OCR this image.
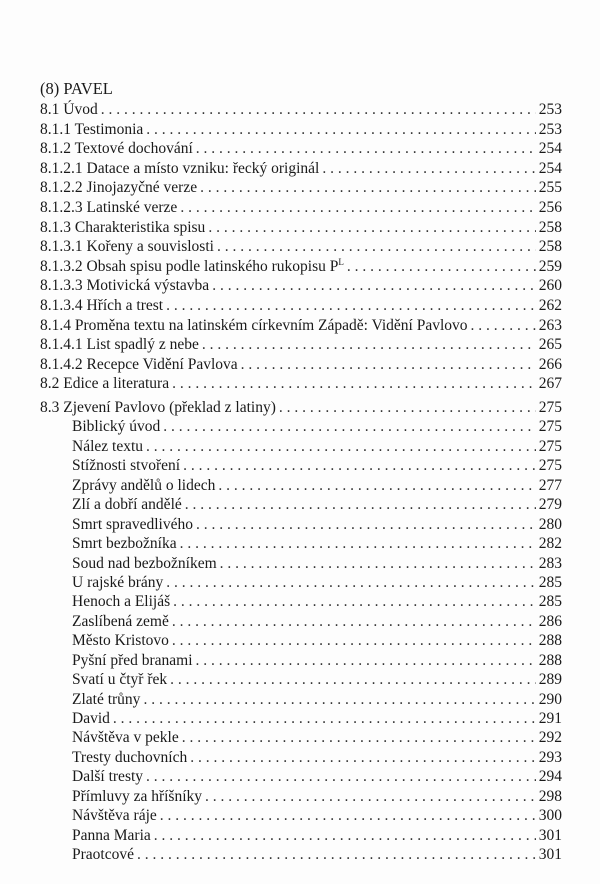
(8) PAVEL
8.1 Úvod . . .	253
8.1.1 Testimonia . . .	253
8.1.2 Textové dochování . . .	254
8.1.2.1 Datace a místo vzniku: řecký originál . . .	254
8.1.2.2 Jinojazyčné verze . . .	255
8.1.2.3 Latinské verze . . .	256
8.1.3 Charakteristika spisu . . .	258
8.1.3.1 Kořeny a souvislosti . . .	258
8.1.3.2 Obsah spisu podle latinského rukopisu $P^L$ . . .	259
8.1.3.3 Motivická výstavba . . .	260
8.1.3.4 Hřích a trest . . .	262
8.1.4 Proměna textu na latinském církevním Západě: Vidění Pavlovo . . .	263
8.1.4.1 List spadlý z nebe . . .	265
8.1.4.2 Recepce Vidění Pavlova . . .	266
8.2 Edice a literatura . . .	267
8.3 Zjevení Pavlovo (překlad z latiny) . . .	275
Biblický úvod . . .	275
Nález textu . . .	275
Stížnosti stvoření . . .	275
Zprávy andělů o lidech . . .	277
Zlí a dobří andělé . . .	279
Smrt spravedlivého . . .	280
Smrt bezbožníka . . .	282
Soud nad bezbožníkem . . .	283
U rajské brány . . .	285
Henoch a Elijáš . . .	285
Zaslíbená země . . .	286
Město Kristovo . . .	288
Pyšní před branami . . .	288
Svatí u čtyř řek . . .	289
Zlaté trůny . . .	290
David . . .	291
Návštěva v pekle . . .	292
Tresty duchovních . . .	293
Další tresty . . .	294
Přímluvy za hříšníky . . .	298
Návštěva ráje . . .	300
Panna Maria . . .	301
Praotcové . . .	301
